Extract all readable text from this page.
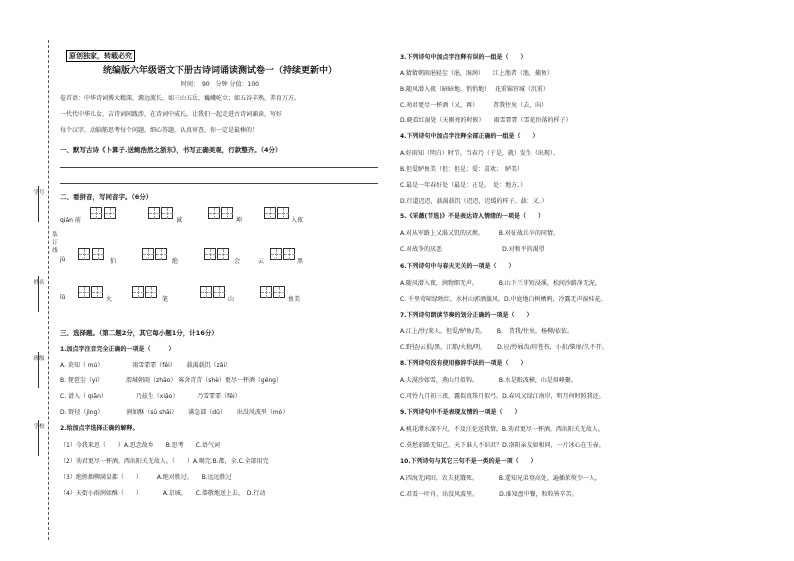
学号
姓名
班级
学校
装订线
原创独家，转载必究
统编版六年级语文下册古诗词诵读测试卷一（持续更新中）
时间：　90　分钟 分值：100
卷首语：中华诗词博大精深，源远流长，如三山五岳，巍峨屹立；如五谷丰熟，养育万方。
一代代中华儿女，吉诗词间跋涉，在诗词中成长。让我们一起走进古诗词诵读，写好
每个汉字，动脑筋思考每个问题，细心答题，认真审查，你一定是最棒的！
一、默写古诗《卜算子.送鲍浩然之浙东》，书写正确美观，行款整齐。（4分）
二、看拼音，写同音字。（6分）
qián 前	诚	坤	入夜
jù	怕	绝	会	云	黑
lǔ	火	笔	山	鱼美
三、选择题。（第二题2分，其它每小题1分，计16分）
1.加点字注音完全正确的一项是（　　　）
A. 莫知（ mù）　　　　　 雨雪霏霏（fēi）　　 载渴载饥（zǎi）
B. 琵琶尘（yì）　 　　　渭城朝雨（zhāo） 客舍青青（shè）更尽一杯酒（gēng）
C. 谱入（ qiān）　　　　 　乃兹生（xiāo）　 　 　乃雪霏霏（fēi）
D. 野径（jìng）　　　　 润如酥（sū shāi）　　 满急部（dū）　　 出没风波里（mò）
2.给加点字选择正确的解释。
（1）今我来思（　　）A.思念故乡　　B.思考　　C.语气词
（2）劝君更尽一杯酒，西出阳关无故人。（　　）A.喝完.B.都，全.C.全部用完
（3）绝胜烟柳满皇都（　　）　　　A.绝对胜过。　　B.远远胜过
（4）天街小雨润如酥（　　）　　　　A.京城。　　C.恭敬地送上去。　D.行动
3.下列诗句中加点字注释有误的一组是（　　）
A.猜猜朝雨浥轻尘（浥，湿润）　　江上渔者（渔，捕鱼）
B.随风潜入夜（暗暗地，悄悄地）　 花重锦官城（沉重）
C.劝君更尽一杯酒（又，再）　　　昔我往矣（去，向）
D.晓看红湿处（天刚亮的时候）　　雨雪霏霏（雪花纷落的样子）
4.下列诗句中加点字注释全部正确的一组是（　　）
A.好雨知（明白）时节，当春乃（于是，就）发生（出现）。
B.但爱鲈鱼美（但：但是；爱：喜欢；　鲈美）
C.最是一年春好处（最是：正是。　处：地方。）
D.行道迟迟，载渴载饥（迟迟，迟缓的样子。载：又。）
5.《采薇(节选)》不是表达诗人情绪的一项是（　　）
A.对从军路上又渴又饥的厌烦。　　　B.对征战兵卒的同情。
C.对战争的厌恶　　　　　　　　　　D.对和平的渴望
6.下列诗句中与春天无关的一项是（　　）
A.随风潜入夜，润物细无声。　　　　B.山下兰芽短浸溪，松间沙路净无泥。
C. 千里莺啼绿映红，水村山郭酒旗风。D.中庭地白树栖鸦，冷露无声湿桂花。
7.下列诗句朗读节奏的划分正确的一项是（　　）
A.江上/往/来人，但爱/鲈鱼/美。　　 B.　昔我/往矣，杨柳/依依。
C.野径/云俱/黑，江船/火独/明。　　 D.应/怜屐齿/印苍苔，小扣/柴扉/久不开。
8.下列诗句没有使用修辞手法的一项是（　　）
A.大漠沙如雪，燕山月似钩。　　　　B.水是眼波横，山是眉峰聚。
C.可怜九月初三夜，露似真珠月似弓。D.春风又绿江南岸，明月何时照我还。
9.下列诗句中不是表现友情的一项是（　　）
A.桃花潭水深千尺，不及汪伦送我情。B.劝君更尽一杯酒，西出阳关无故人。
C.莫愁前路无知己，天下谁人不识君？D.洛阳亲友如相问，一片冰心在玉壶。
10.下列诗句与其它三句不是一类的是一项（　　）
A.四海无闲田，农夫犹饿死。　　　　B.遥知兄弟登高处，遍插茱萸少一人。
C.君看一叶舟，出没风波里。　　　　D.谁知盘中餐，粒粒皆辛苦。
